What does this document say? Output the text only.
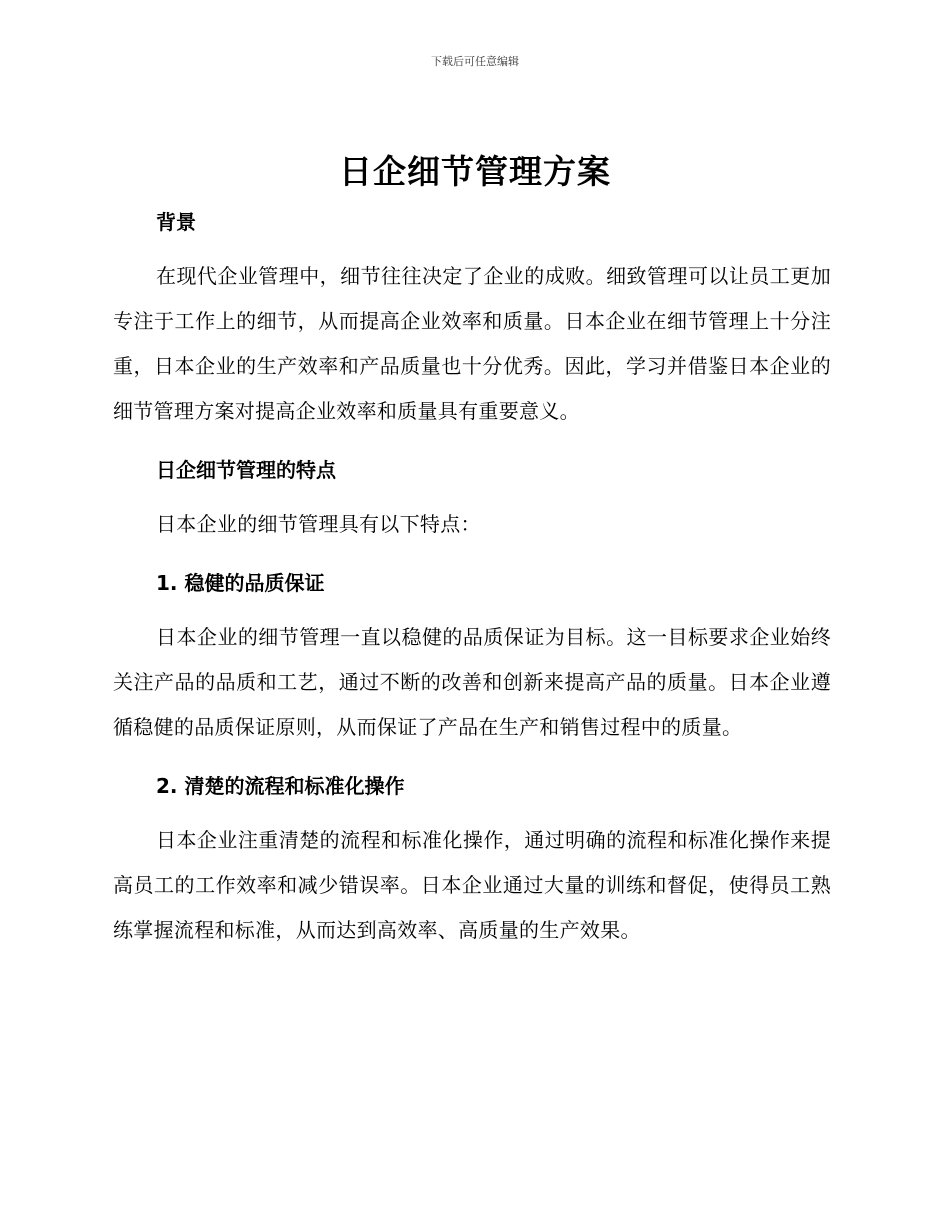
下载后可任意编辑
日企细节管理方案

背景

在现代企业管理中，细节往往决定了企业的成败。细致管理可以让员工更加专注于工作上的细节，从而提高企业效率和质量。日本企业在细节管理上十分注重，日本企业的生产效率和产品质量也十分优秀。因此，学习并借鉴日本企业的细节管理方案对提高企业效率和质量具有重要意义。

日企细节管理的特点

日本企业的细节管理具有以下特点：

1. 稳健的品质保证

日本企业的细节管理一直以稳健的品质保证为目标。这一目标要求企业始终关注产品的品质和工艺，通过不断的改善和创新来提高产品的质量。日本企业遵循稳健的品质保证原则，从而保证了产品在生产和销售过程中的质量。

2. 清楚的流程和标准化操作

日本企业注重清楚的流程和标准化操作，通过明确的流程和标准化操作来提高员工的工作效率和减少错误率。日本企业通过大量的训练和督促，使得员工熟练掌握流程和标准，从而达到高效率、高质量的生产效果。
